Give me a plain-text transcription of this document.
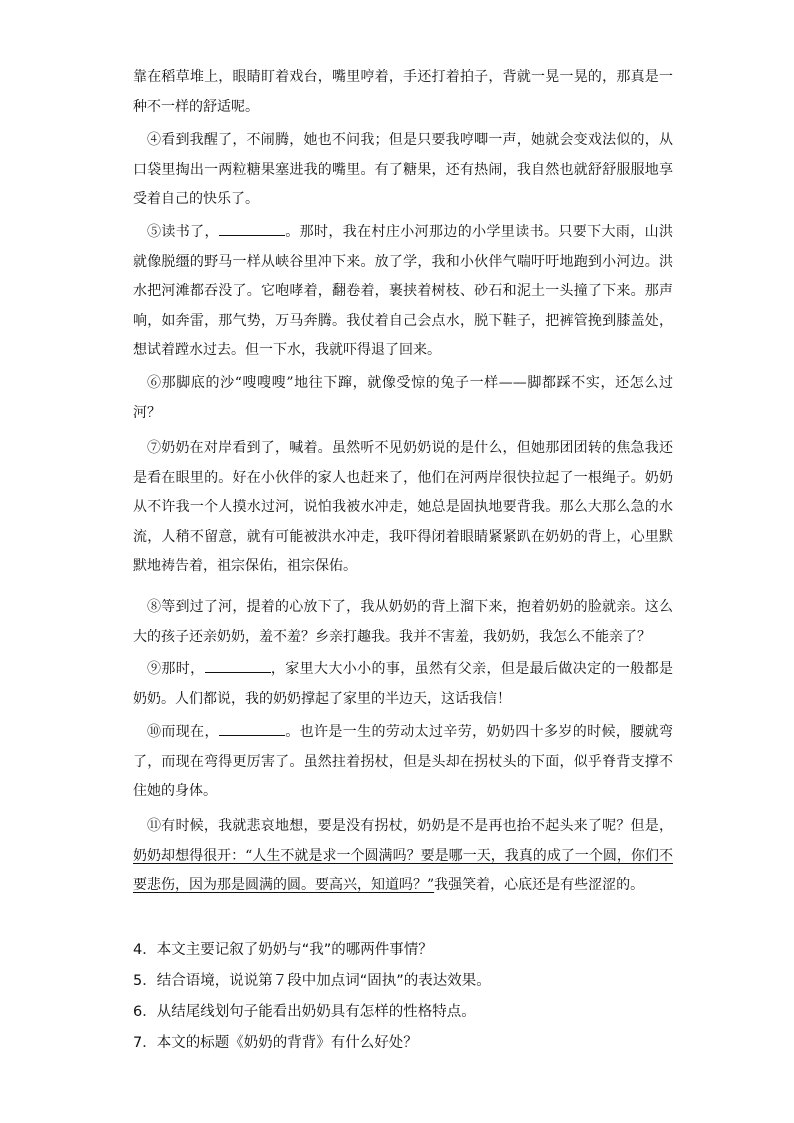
靠在稻草堆上，眼睛盯着戏台，嘴里哼着，手还打着拍子，背就一晃一晃的，那真是一种不一样的舒适呢。

④看到我醒了，不闹腾，她也不问我；但是只要我哼唧一声，她就会变戏法似的，从口袋里掏出一两粒糖果塞进我的嘴里。有了糖果，还有热闹，我自然也就舒舒服服地享受着自己的快乐了。

⑤读书了，	。那时，我在村庄小河那边的小学里读书。只要下大雨，山洪就像脱缰的野马一样从峡谷里冲下来。放了学，我和小伙伴气喘吁吁地跑到小河边。洪水把河滩都吞没了。它咆哮着，翻卷着，裹挟着树枝、砂石和泥土一头撞了下来。那声响，如奔雷，那气势，万马奔腾。我仗着自己会点水，脱下鞋子，把裤管挽到膝盖处，想试着蹚水过去。但一下水，我就吓得退了回来。

⑥那脚底的沙“嗖嗖嗖”地往下蹿，就像受惊的兔子一样——脚都踩不实，还怎么过河？

⑦奶奶在对岸看到了，喊着。虽然听不见奶奶说的是什么，但她那团团转的焦急我还是看在眼里的。好在小伙伴的家人也赶来了，他们在河两岸很快拉起了一根绳子。奶奶从不许我一个人摸水过河，说怕我被水冲走，她总是固执地要背我。那么大那么急的水流，人稍不留意，就有可能被洪水冲走，我吓得闭着眼睛紧紧趴在奶奶的背上，心里默默地祷告着，祖宗保佑，祖宗保佑。

⑧等到过了河，提着的心放下了，我从奶奶的背上溜下来，抱着奶奶的脸就亲。这么大的孩子还亲奶奶，羞不羞？乡亲打趣我。我并不害羞，我奶奶，我怎么不能亲了？

⑨那时，	，家里大大小小的事，虽然有父亲，但是最后做决定的一般都是奶奶。人们都说，我的奶奶撑起了家里的半边天，这话我信！

⑩而现在，	。也许是一生的劳动太过辛劳，奶奶四十多岁的时候，腰就弯了，而现在弯得更厉害了。虽然拄着拐杖，但是头却在拐杖头的下面，似乎脊背支撑不住她的身体。

⑪有时候，我就悲哀地想，要是没有拐杖，奶奶是不是再也抬不起头来了呢？但是，奶奶却想得很开：“人生不就是求一个圆满吗？要是哪一天，我真的成了一个圆，你们不要悲伤，因为那是圆满的圆。要高兴，知道吗？”我强笑着，心底还是有些涩涩的。

4．本文主要记叙了奶奶与“我”的哪两件事情？

5．结合语境，说说第７段中加点词“固执”的表达效果。

6．从结尾线划句子能看出奶奶具有怎样的性格特点。

7．本文的标题《奶奶的背背》有什么好处？
